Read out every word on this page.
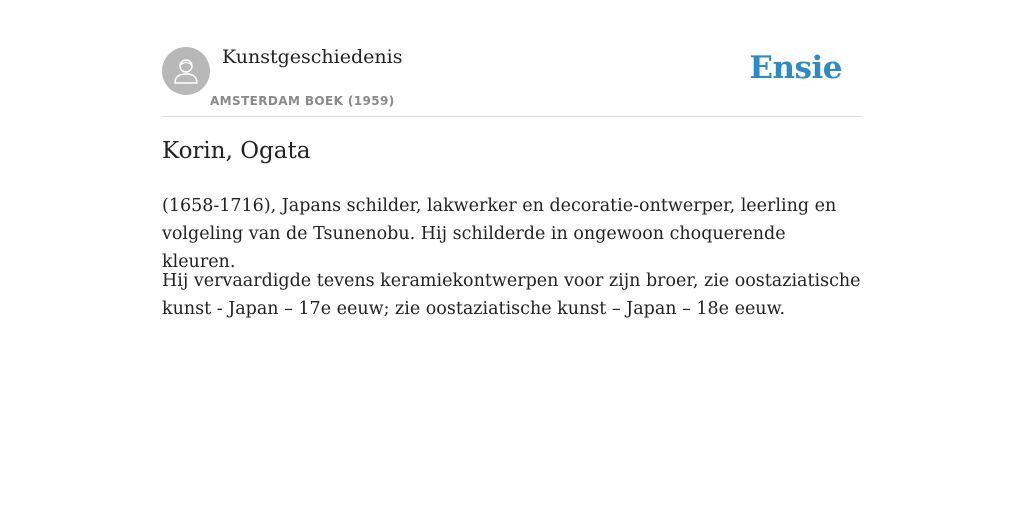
Kunstgeschiedenis
AMSTERDAM BOEK (1959)
Ensie
Korin, Ogata

(1658-1716), Japans schilder, lakwerker en decoratie-ontwerper, leerling en volgeling van de Tsunenobu. Hij schilderde in ongewoon choquerende kleuren.

Hij vervaardigde tevens keramiekontwerpen voor zijn broer, zie oostaziatische kunst - Japan – 17e eeuw; zie oostaziatische kunst – Japan – 18e eeuw.
